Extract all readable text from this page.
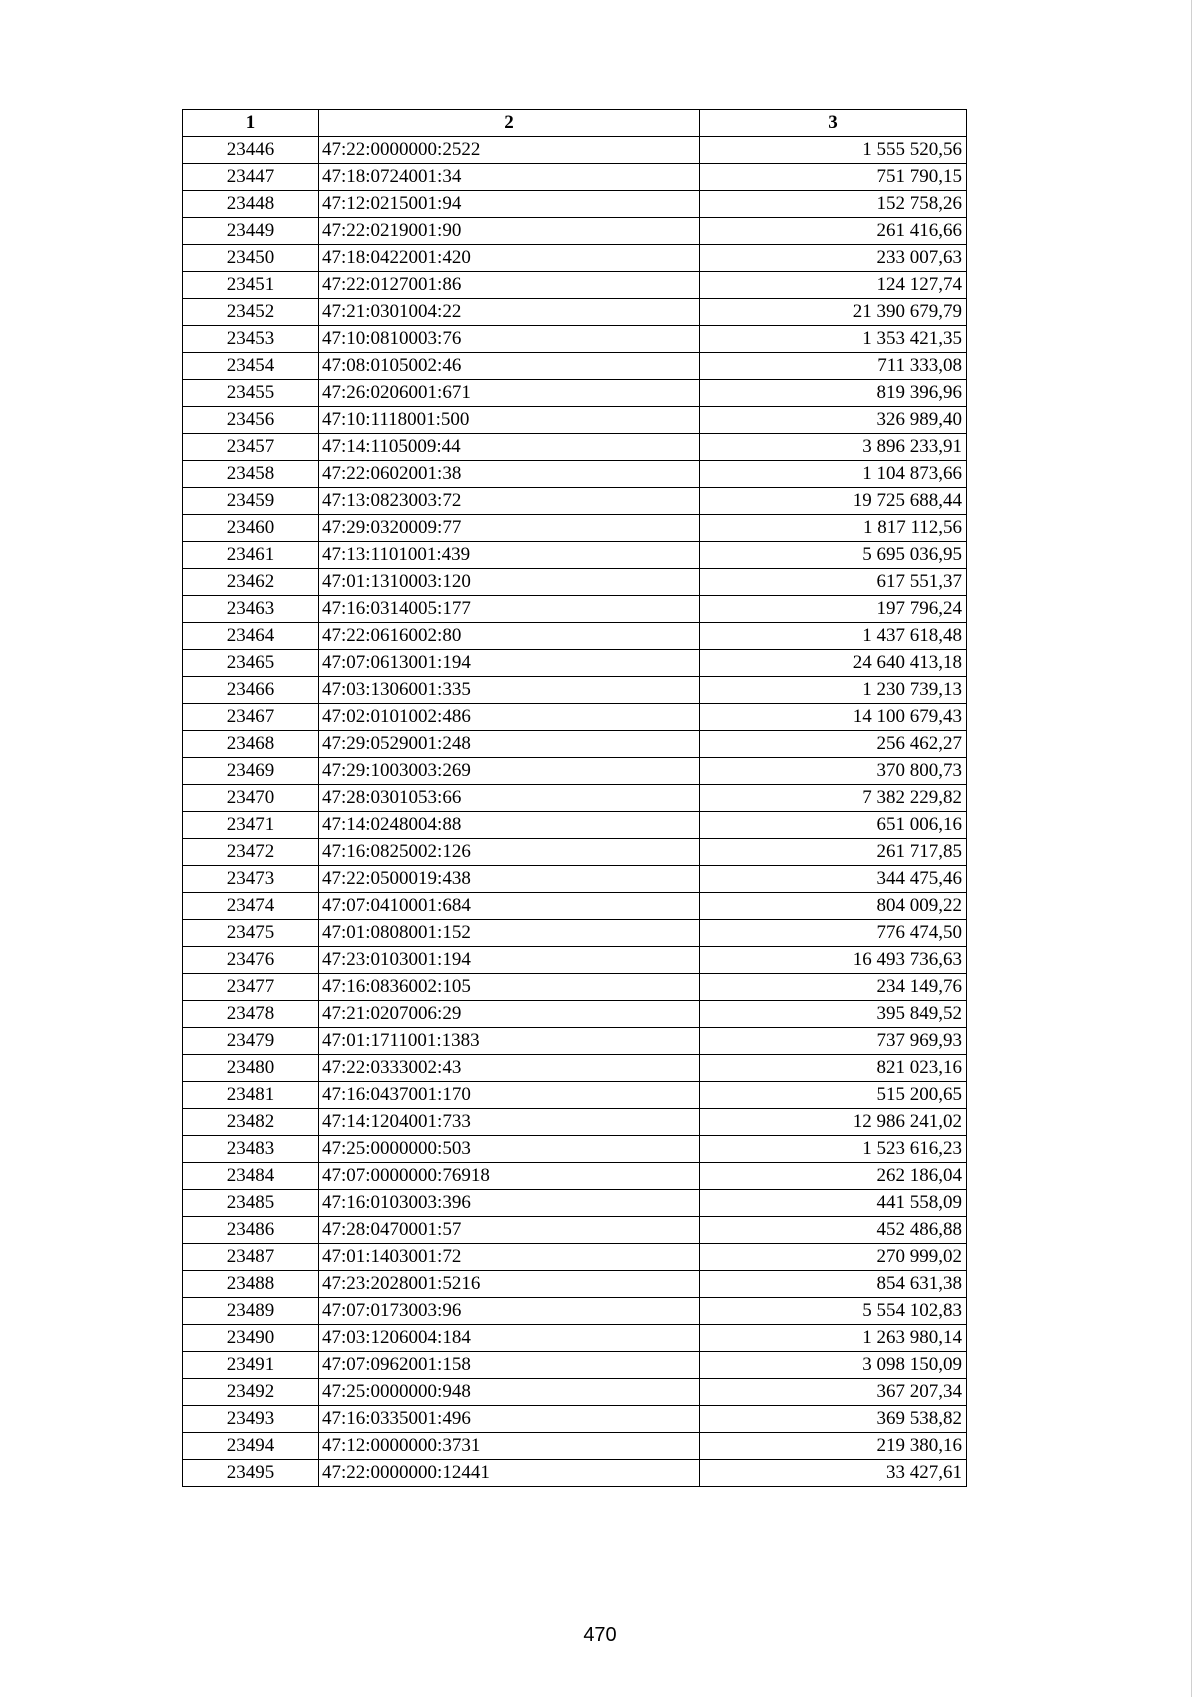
1	2	3
23446	47:22:0000000:2522	1 555 520,56
23447	47:18:0724001:34	751 790,15
23448	47:12:0215001:94	152 758,26
23449	47:22:0219001:90	261 416,66
23450	47:18:0422001:420	233 007,63
23451	47:22:0127001:86	124 127,74
23452	47:21:0301004:22	21 390 679,79
23453	47:10:0810003:76	1 353 421,35
23454	47:08:0105002:46	711 333,08
23455	47:26:0206001:671	819 396,96
23456	47:10:1118001:500	326 989,40
23457	47:14:1105009:44	3 896 233,91
23458	47:22:0602001:38	1 104 873,66
23459	47:13:0823003:72	19 725 688,44
23460	47:29:0320009:77	1 817 112,56
23461	47:13:1101001:439	5 695 036,95
23462	47:01:1310003:120	617 551,37
23463	47:16:0314005:177	197 796,24
23464	47:22:0616002:80	1 437 618,48
23465	47:07:0613001:194	24 640 413,18
23466	47:03:1306001:335	1 230 739,13
23467	47:02:0101002:486	14 100 679,43
23468	47:29:0529001:248	256 462,27
23469	47:29:1003003:269	370 800,73
23470	47:28:0301053:66	7 382 229,82
23471	47:14:0248004:88	651 006,16
23472	47:16:0825002:126	261 717,85
23473	47:22:0500019:438	344 475,46
23474	47:07:0410001:684	804 009,22
23475	47:01:0808001:152	776 474,50
23476	47:23:0103001:194	16 493 736,63
23477	47:16:0836002:105	234 149,76
23478	47:21:0207006:29	395 849,52
23479	47:01:1711001:1383	737 969,93
23480	47:22:0333002:43	821 023,16
23481	47:16:0437001:170	515 200,65
23482	47:14:1204001:733	12 986 241,02
23483	47:25:0000000:503	1 523 616,23
23484	47:07:0000000:76918	262 186,04
23485	47:16:0103003:396	441 558,09
23486	47:28:0470001:57	452 486,88
23487	47:01:1403001:72	270 999,02
23488	47:23:2028001:5216	854 631,38
23489	47:07:0173003:96	5 554 102,83
23490	47:03:1206004:184	1 263 980,14
23491	47:07:0962001:158	3 098 150,09
23492	47:25:0000000:948	367 207,34
23493	47:16:0335001:496	369 538,82
23494	47:12:0000000:3731	219 380,16
23495	47:22:0000000:12441	33 427,61
470
